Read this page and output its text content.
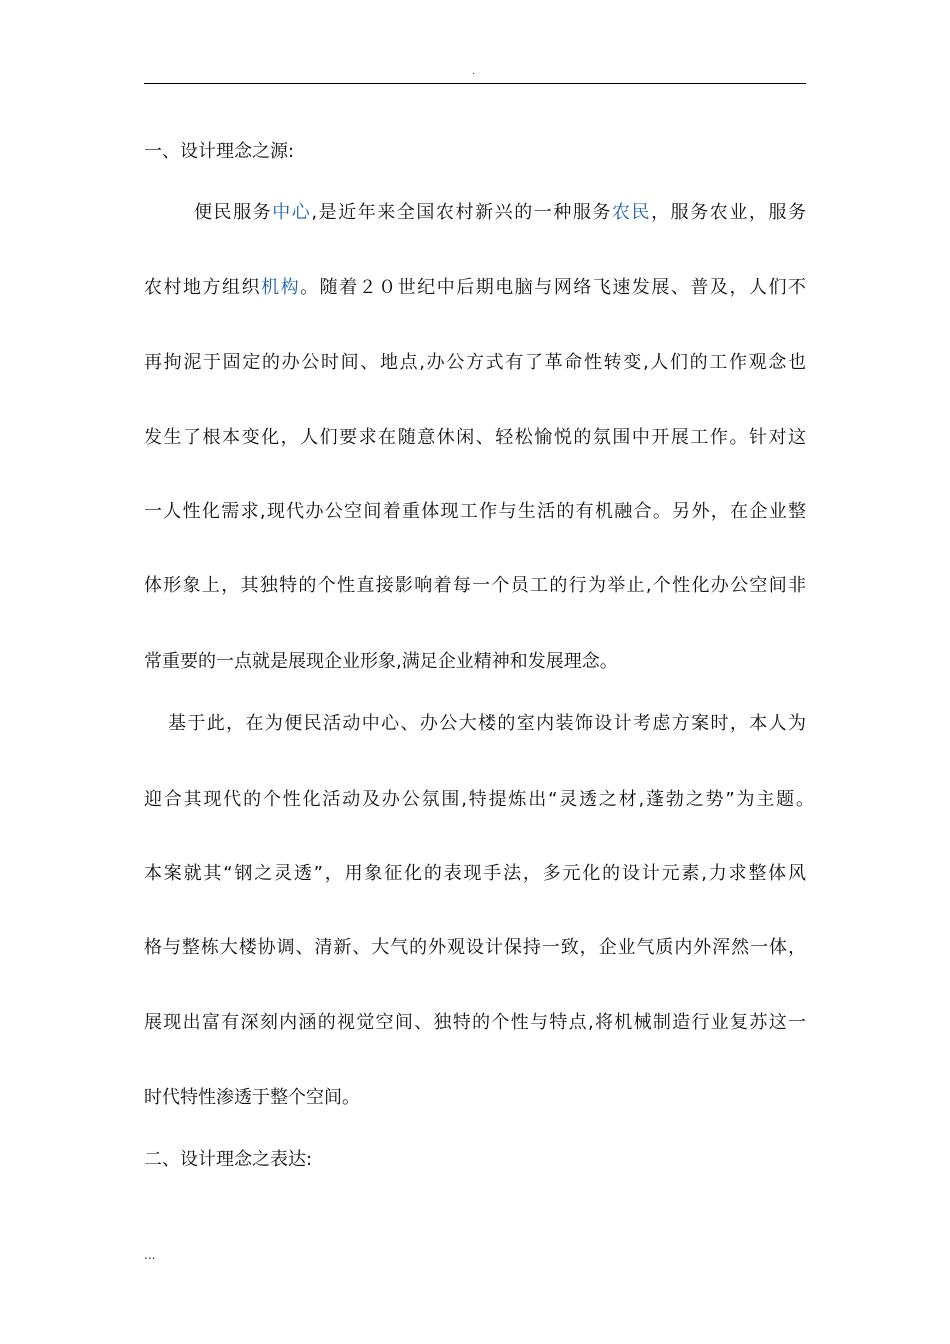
.
一、设计理念之源:
便民服务中心,是近年来全国农村新兴的一种服务农民，服务农业，服务
农村地方组织机构。随着２０世纪中后期电脑与网络飞速发展、普及，人们不
再拘泥于固定的办公时间、地点,办公方式有了革命性转变,人们的工作观念也
发生了根本变化，人们要求在随意休闲、轻松愉悦的氛围中开展工作。针对这
一人性化需求,现代办公空间着重体现工作与生活的有机融合。另外，在企业整
体形象上，其独特的个性直接影响着每一个员工的行为举止,个性化办公空间非
常重要的一点就是展现企业形象,满足企业精神和发展理念。
基于此，在为便民活动中心、办公大楼的室内装饰设计考虑方案时，本人为
迎合其现代的个性化活动及办公氛围,特提炼出“灵透之材,蓬勃之势”为主题。
本案就其“钢之灵透”，用象征化的表现手法，多元化的设计元素,力求整体风
格与整栋大楼协调、清新、大气的外观设计保持一致，企业气质内外浑然一体，
展现出富有深刻内涵的视觉空间、独特的个性与特点,将机械制造行业复苏这一
时代特性渗透于整个空间。
二、设计理念之表达:
...
